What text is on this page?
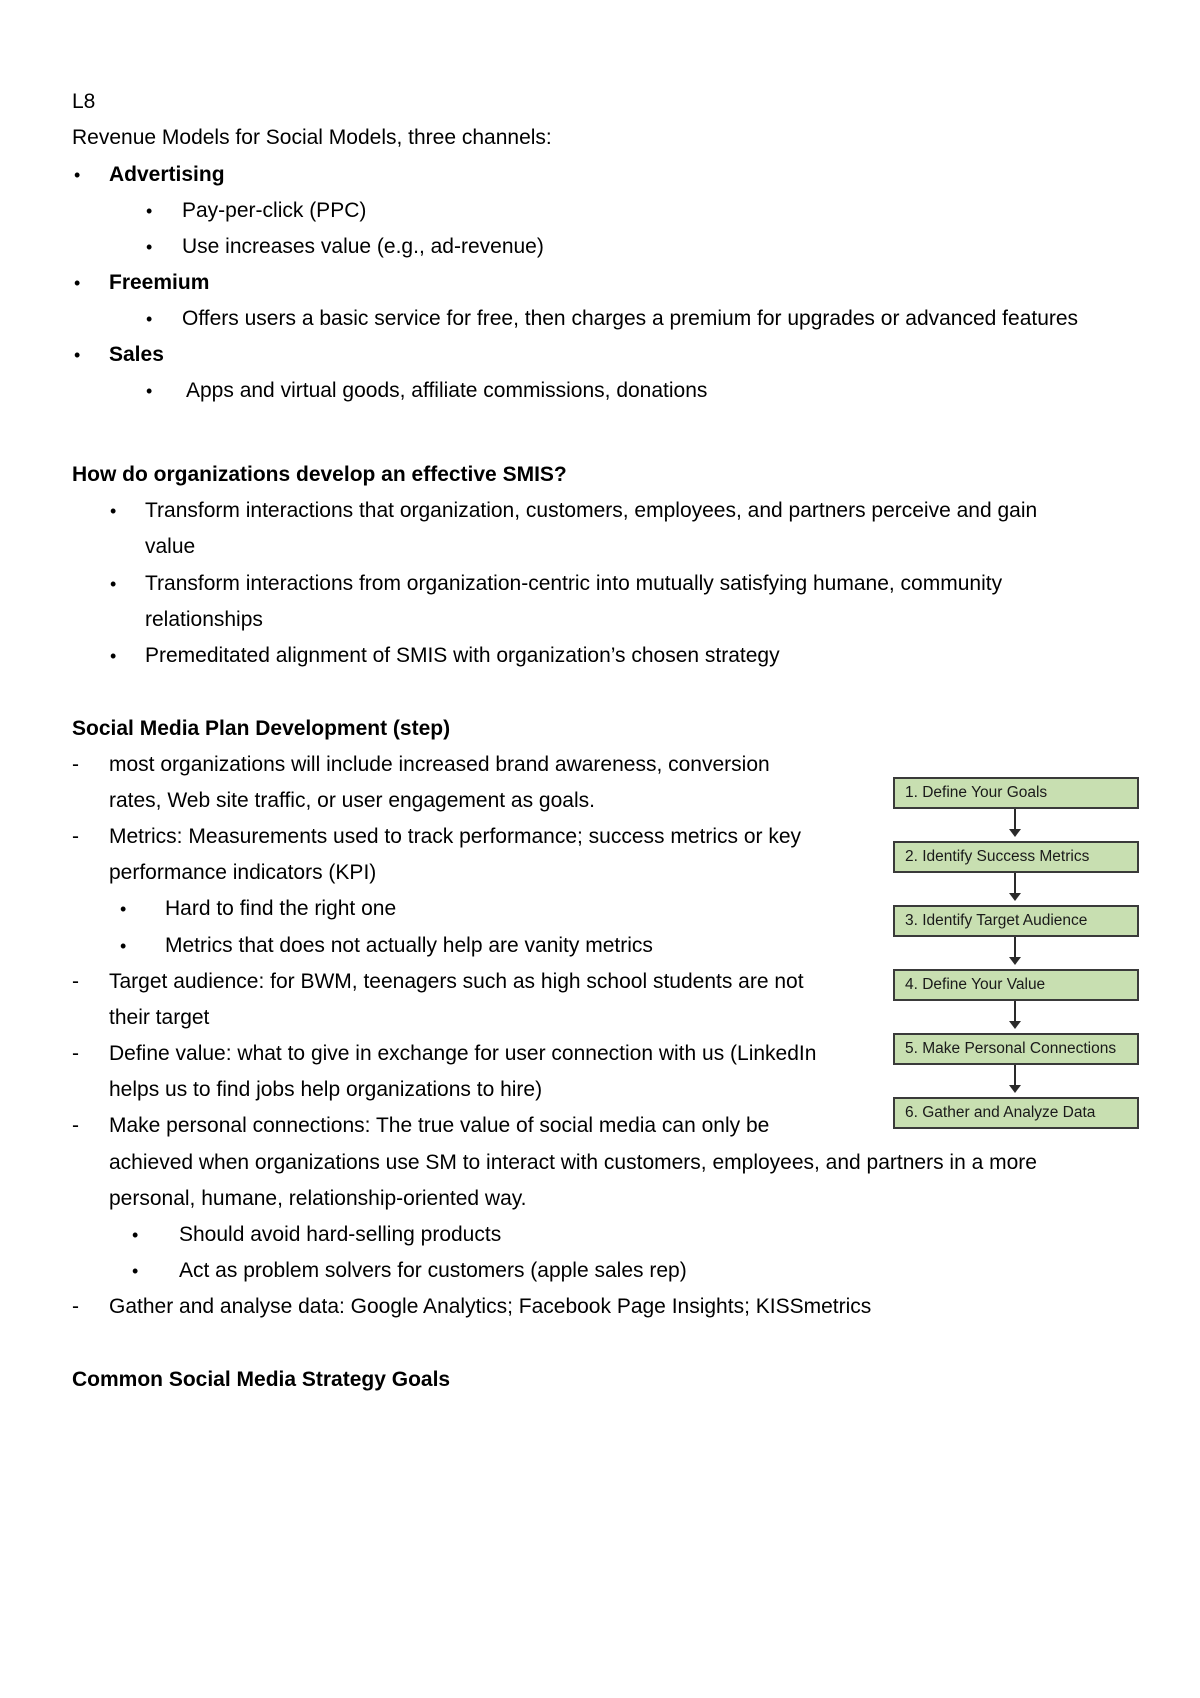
L8
Revenue Models for Social Models, three channels:
• Advertising
• Pay-per-click (PPC)
• Use increases value (e.g., ad-revenue)
• Freemium
• Offers users a basic service for free, then charges a premium for upgrades or advanced features
• Sales
• Apps and virtual goods, affiliate commissions, donations
How do organizations develop an effective SMIS?
• Transform interactions that organization, customers, employees, and partners perceive and gain
value
• Transform interactions from organization-centric into mutually satisfying humane, community
relationships
• Premeditated alignment of SMIS with organization’s chosen strategy
Social Media Plan Development (step)
- most organizations will include increased brand awareness, conversion
rates, Web site traffic, or user engagement as goals.
- Metrics: Measurements used to track performance; success metrics or key
performance indicators (KPI)
• Hard to find the right one
• Metrics that does not actually help are vanity metrics
- Target audience: for BWM, teenagers such as high school students are not
their target
- Define value: what to give in exchange for user connection with us (LinkedIn
helps us to find jobs help organizations to hire)
- Make personal connections: The true value of social media can only be
achieved when organizations use SM to interact with customers, employees, and partners in a more
personal, humane, relationship-oriented way.
• Should avoid hard-selling products
• Act as problem solvers for customers (apple sales rep)
- Gather and analyse data: Google Analytics; Facebook Page Insights; KISSmetrics
Common Social Media Strategy Goals
1. Define Your Goals
2. Identify Success Metrics
3. Identify Target Audience
4. Define Your Value
5. Make Personal Connections
6. Gather and Analyze Data
